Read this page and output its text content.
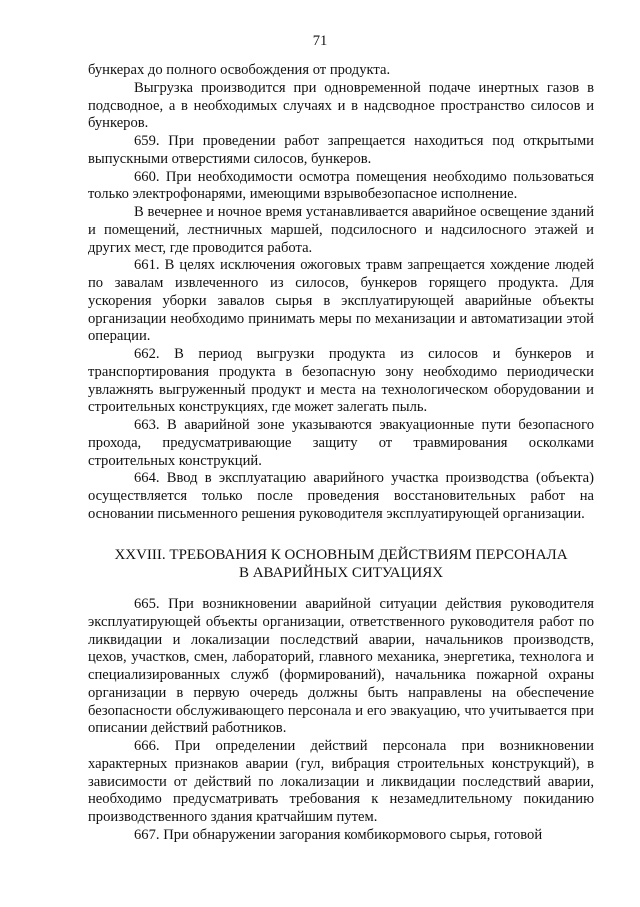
71

бункерах до полного освобождения от продукта.

Выгрузка производится при одновременной подаче инертных газов в подсводное, а в необходимых случаях и в надсводное пространство силосов и бункеров.

659. При проведении работ запрещается находиться под открытыми выпускными отверстиями силосов, бункеров.

660. При необходимости осмотра помещения необходимо пользоваться только электрофонарями, имеющими взрывобезопасное исполнение.

В вечернее и ночное время устанавливается аварийное освещение зданий и помещений, лестничных маршей, подсилосного и надсилосного этажей и других мест, где проводится работа.

661. В целях исключения ожоговых травм запрещается хождение людей по завалам извлеченного из силосов, бункеров горящего продукта. Для ускорения уборки завалов сырья в эксплуатирующей аварийные объекты организации необходимо принимать меры по механизации и автоматизации этой операции.

662. В период выгрузки продукта из силосов и бункеров и транспортирования продукта в безопасную зону необходимо периодически увлажнять выгруженный продукт и места на технологическом оборудовании и строительных конструкциях, где может залегать пыль.

663. В аварийной зоне указываются эвакуационные пути безопасного прохода, предусматривающие защиту от травмирования осколками строительных конструкций.

664. Ввод в эксплуатацию аварийного участка производства (объекта) осуществляется только после проведения восстановительных работ на основании письменного решения руководителя эксплуатирующей организации.

XXVIII. ТРЕБОВАНИЯ К ОСНОВНЫМ ДЕЙСТВИЯМ ПЕРСОНАЛА

В АВАРИЙНЫХ СИТУАЦИЯХ

665. При возникновении аварийной ситуации действия руководителя эксплуатирующей объекты организации, ответственного руководителя работ по ликвидации и локализации последствий аварии, начальников производств, цехов, участков, смен, лабораторий, главного механика, энергетика, технолога и специализированных служб (формирований), начальника пожарной охраны организации в первую очередь должны быть направлены на обеспечение безопасности обслуживающего персонала и его эвакуацию, что учитывается при описании действий работников.

666. При определении действий персонала при возникновении характерных признаков аварии (гул, вибрация строительных конструкций), в зависимости от действий по локализации и ликвидации последствий аварии, необходимо предусматривать требования к незамедлительному покиданию производственного здания кратчайшим путем.

667. При обнаружении загорания комбикормового сырья, готовой
